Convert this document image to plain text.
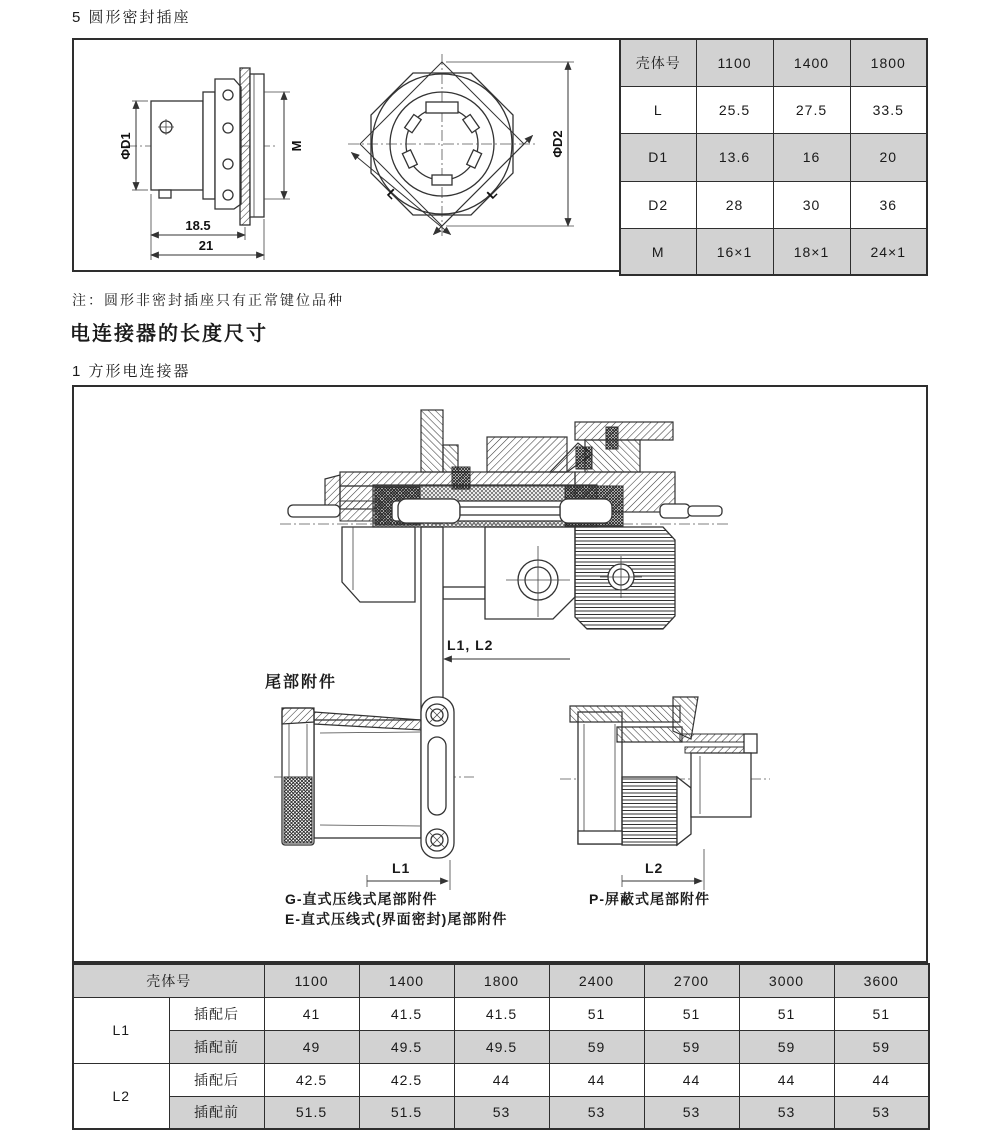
5 圆形密封插座
ΦD1	M
18.5
21
L	L
ΦD2
壳体号	1100	1400	1800
L	25.5	27.5	33.5
D1	13.6	16	20
D2	28	30	36
M	16×1	18×1	24×1
注：圆形非密封插座只有正常键位品种
电连接器的长度尺寸
1 方形电连接器
L1, L2
尾部附件
L1	L2
G-直式压线式尾部附件
E-直式压线式(界面密封)尾部附件
P-屏蔽式尾部附件
壳体号		1100	1400	1800	2400	2700	3000	3600
L1	插配后	41	41.5	41.5	51	51	51	51
	插配前	49	49.5	49.5	59	59	59	59
L2	插配后	42.5	42.5	44	44	44	44	44
	插配前	51.5	51.5	53	53	53	53	53
